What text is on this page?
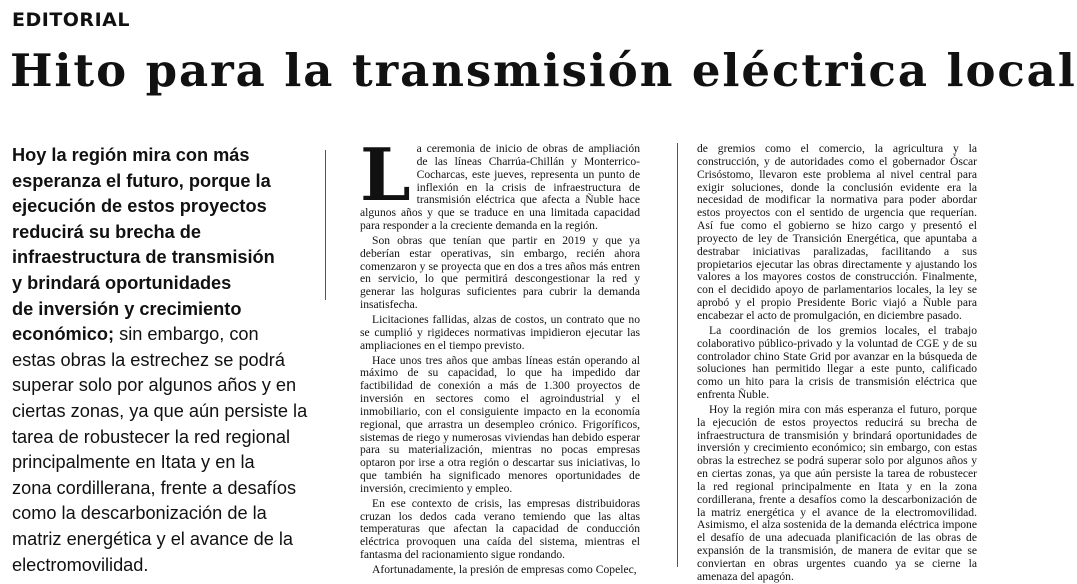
EDITORIAL
Hito para la transmisión eléctrica local
Hoy la región mira con más
esperanza el futuro, porque la
ejecución de estos proyectos
reducirá su brecha de
infraestructura de transmisión
y brindará oportunidades
de inversión y crecimiento
económico; sin embargo, con
estas obras la estrechez se podrá
superar solo por algunos años y en
ciertas zonas, ya que aún persiste la
tarea de robustecer la red regional
principalmente en Itata y en la
zona cordillerana, frente a desafíos
como la descarbonización de la
matriz energética y el avance de la
electromovilidad.
L a ceremonia de inicio de obras de ampliación de las líneas Charrúa-Chillán y Monterrico-Cocharcas, este jueves, representa un punto de inflexión en la crisis de infraestructura de transmisión eléctrica que afecta a Ñuble hace algunos años y que se traduce en una limitada capacidad para responder a la creciente demanda en la región.

Son obras que tenían que partir en 2019 y que ya deberían estar operativas, sin embargo, recién ahora comenzaron y se proyecta que en dos a tres años más entren en servicio, lo que permitirá descongestionar la red y generar las holguras suficientes para cubrir la demanda insatisfecha.

Licitaciones fallidas, alzas de costos, un contrato que no se cumplió y rigideces normativas impidieron ejecutar las ampliaciones en el tiempo previsto.

Hace unos tres años que ambas líneas están operando al máximo de su capacidad, lo que ha impedido dar factibilidad de conexión a más de 1.300 proyectos de inversión en sectores como el agroindustrial y el inmobiliario, con el consiguiente impacto en la economía regional, que arrastra un desempleo crónico. Frigoríficos, sistemas de riego y numerosas viviendas han debido esperar para su materialización, mientras no pocas empresas optaron por irse a otra región o descartar sus iniciativas, lo que también ha significado menores oportunidades de inversión, crecimiento y empleo.

En ese contexto de crisis, las empresas distribuidoras cruzan los dedos cada verano temiendo que las altas temperaturas que afectan la capacidad de conducción eléctrica provoquen una caída del sistema, mientras el fantasma del racionamiento sigue rondando.

Afortunadamente, la presión de empresas como Copelec,

de gremios como el comercio, la agricultura y la construcción, y de autoridades como el gobernador Óscar Crisóstomo, llevaron este problema al nivel central para exigir soluciones, donde la conclusión evidente era la necesidad de modificar la normativa para poder abordar estos proyectos con el sentido de urgencia que requerían. Así fue como el gobierno se hizo cargo y presentó el proyecto de ley de Transición Energética, que apuntaba a destrabar iniciativas paralizadas, facilitando a sus propietarios ejecutar las obras directamente y ajustando los valores a los mayores costos de construcción. Finalmente, con el decidido apoyo de parlamentarios locales, la ley se aprobó y el propio Presidente Boric viajó a Ñuble para encabezar el acto de promulgación, en diciembre pasado.

La coordinación de los gremios locales, el trabajo colaborativo público-privado y la voluntad de CGE y de su controlador chino State Grid por avanzar en la búsqueda de soluciones han permitido llegar a este punto, calificado como un hito para la crisis de transmisión eléctrica que enfrenta Ñuble.

Hoy la región mira con más esperanza el futuro, porque la ejecución de estos proyectos reducirá su brecha de infraestructura de transmisión y brindará oportunidades de inversión y crecimiento económico; sin embargo, con estas obras la estrechez se podrá superar solo por algunos años y en ciertas zonas, ya que aún persiste la tarea de robustecer la red regional principalmente en Itata y en la zona cordillerana, frente a desafíos como la descarbonización de la matriz energética y el avance de la electromovilidad. Asimismo, el alza sostenida de la demanda eléctrica impone el desafío de una adecuada planificación de las obras de expansión de la transmisión, de manera de evitar que se conviertan en obras urgentes cuando ya se cierne la amenaza del apagón.
